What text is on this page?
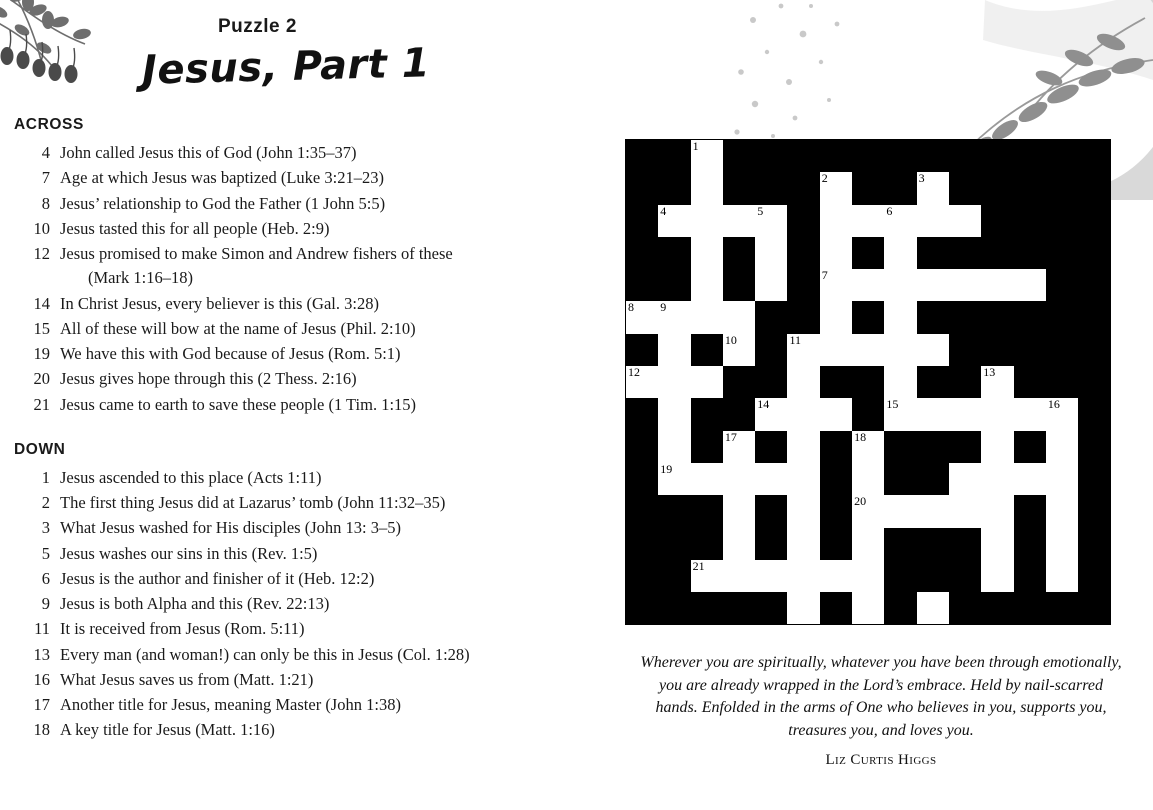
Puzzle 2
Jesus, Part 1
ACROSS
4 John called Jesus this of God (John 1:35–37)
7 Age at which Jesus was baptized (Luke 3:21–23)
8 Jesus’ relationship to God the Father (1 John 5:5)
10 Jesus tasted this for all people (Heb. 2:9)
12 Jesus promised to make Simon and Andrew fishers of these
(Mark 1:16–18)
14 In Christ Jesus, every believer is this (Gal. 3:28)
15 All of these will bow at the name of Jesus (Phil. 2:10)
19 We have this with God because of Jesus (Rom. 5:1)
20 Jesus gives hope through this (2 Thess. 2:16)
21 Jesus came to earth to save these people (1 Tim. 1:15)
DOWN
1 Jesus ascended to this place (Acts 1:11)
2 The first thing Jesus did at Lazarus’ tomb (John 11:32–35)
3 What Jesus washed for His disciples (John 13: 3–5)
5 Jesus washes our sins in this (Rev. 1:5)
6 Jesus is the author and finisher of it (Heb. 12:2)
9 Jesus is both Alpha and this (Rev. 22:13)
11 It is received from Jesus (Rom. 5:11)
13 Every man (and woman!) can only be this in Jesus (Col. 1:28)
16 What Jesus saves us from (Matt. 1:21)
17 Another title for Jesus, meaning Master (John 1:38)
18 A key title for Jesus (Matt. 1:16)

		1												

						2			3					

	4			5				6						

						7								

8	9													

			10		11									

12											13			

				14				15					16	

			17				18							

	19													

							20							

		21												

Wherever you are spiritually, whatever you have been through emotionally, you are already wrapped in the Lord’s embrace. Held by nail-scarred hands. Enfolded in the arms of One who believes in you, supports you, treasures you, and loves you.
Liz Curtis Higgs
